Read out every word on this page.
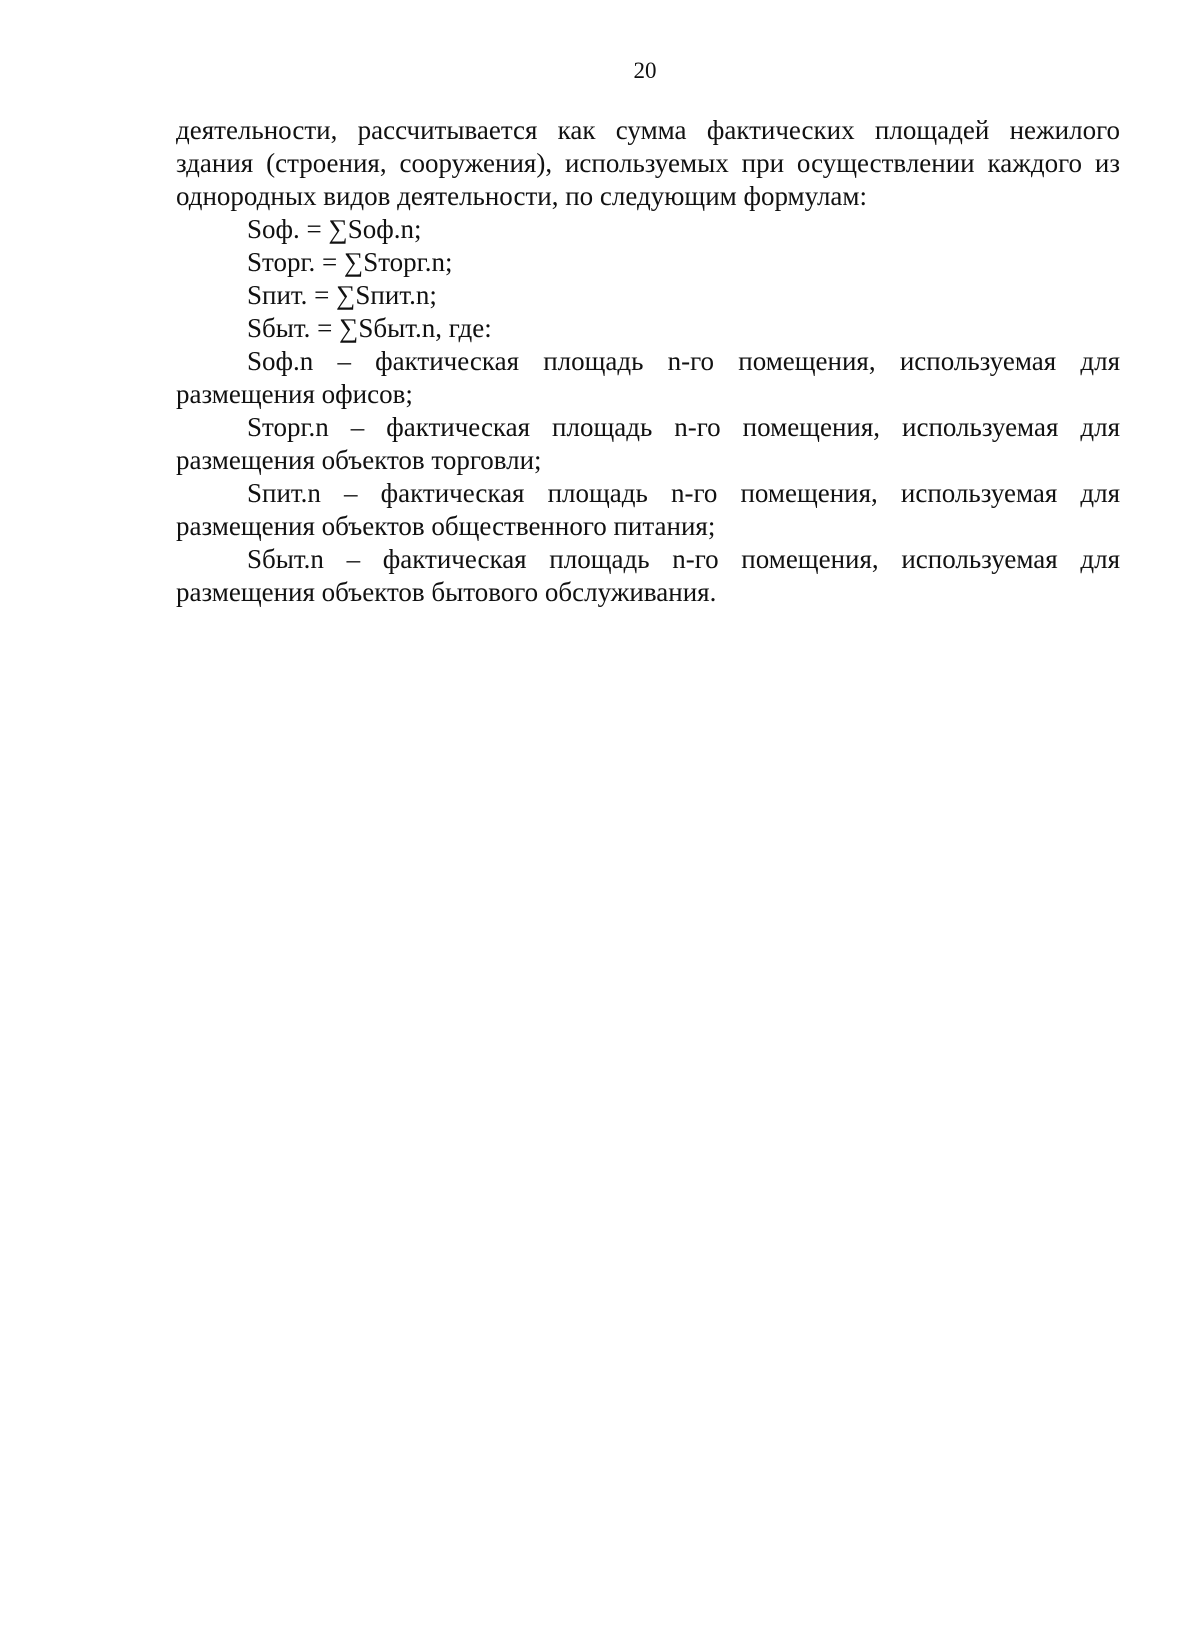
20

деятельности, рассчитывается как сумма фактических площадей нежилого здания (строения, сооружения), используемых при осуществлении каждого из однородных видов деятельности, по следующим формулам:

Sоф. = ∑Sоф.n;

Sторг. = ∑Sторг.n;

Sпит. = ∑Sпит.n;

Sбыт. = ∑Sбыт.n, где:

Sоф.n – фактическая площадь n-го помещения, используемая для размещения офисов;

Sторг.n – фактическая площадь n-го помещения, используемая для размещения объектов торговли;

Sпит.n – фактическая площадь n-го помещения, используемая для размещения объектов общественного питания;

Sбыт.n – фактическая площадь n-го помещения, используемая для размещения объектов бытового обслуживания.
